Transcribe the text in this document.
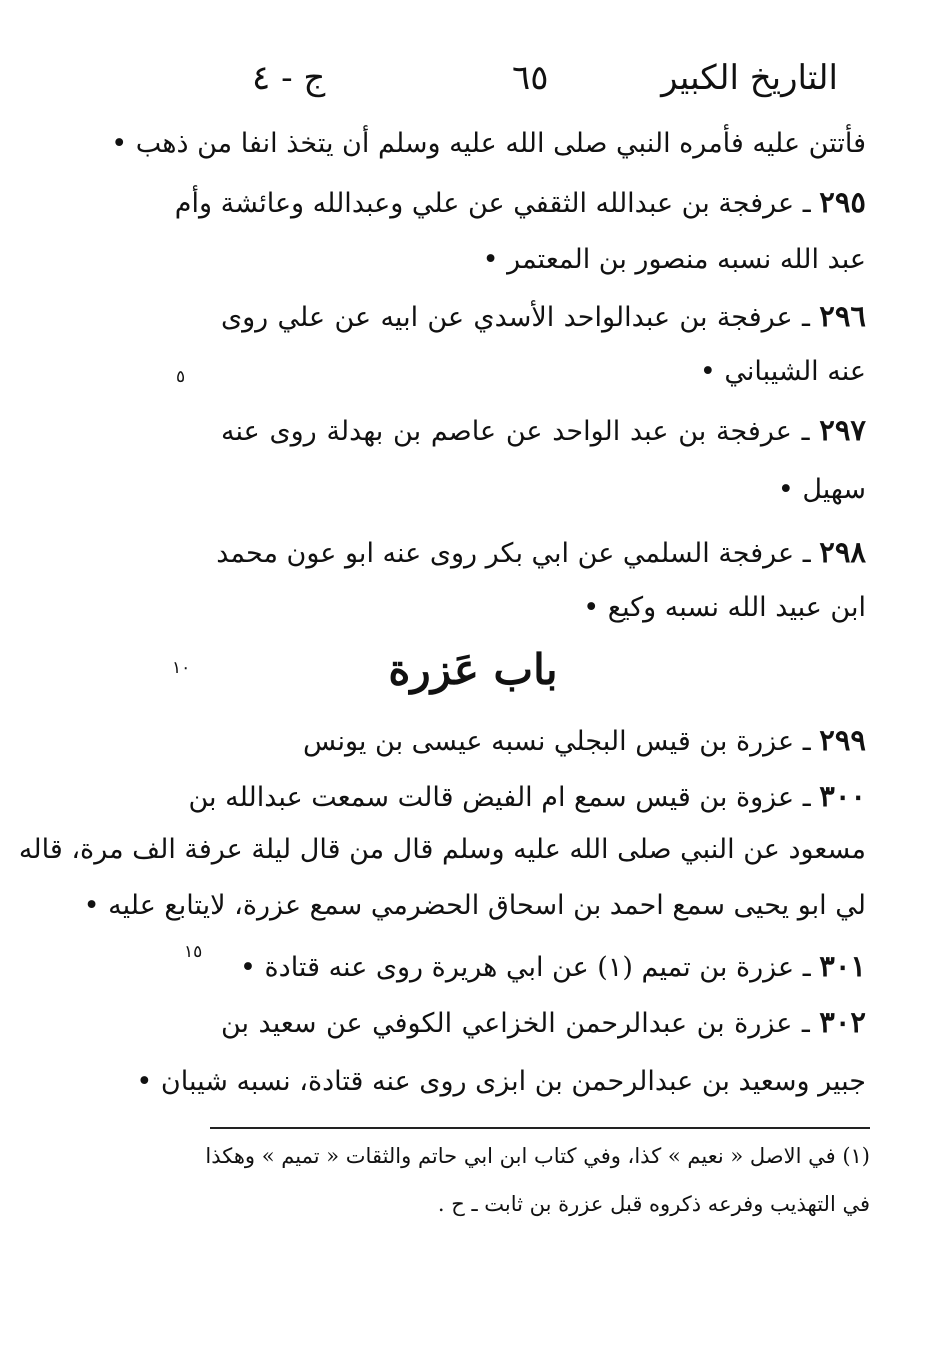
التاريخ الكبير
٦٥
ج - ٤
فأتتن عليه فأمره النبي صلى الله عليه وسلم أن يتخذ انفا من ذهب •
٢٩٥ ـ عرفجة بن عبدالله الثقفي عن علي وعبدالله وعائشة وأم
عبد الله نسبه منصور بن المعتمر •
٢٩٦ ـ عرفجة بن عبدالواحد الأسدي عن ابيه عن علي روى
عنه الشيباني •
٢٩٧ ـ عرفجة بن عبد الواحد عن عاصم بن بهدلة روى عنه
سهيل •
٢٩٨ ـ عرفجة السلمي عن ابي بكر روى عنه ابو عون محمد
ابن عبيد الله نسبه وكيع •
باب عَزرة
٢٩٩ ـ عزرة بن قيس البجلي نسبه عيسى بن يونس
٣٠٠ ـ عزوة بن قيس سمع ام الفيض قالت سمعت عبدالله بن
مسعود عن النبي صلى الله عليه وسلم قال من قال ليلة عرفة الف مرة، قاله
لي ابو يحيى سمع احمد بن اسحاق الحضرمي سمع عزرة، لايتابع عليه •
٣٠١ ـ عزرة بن تميم (١) عن ابي هريرة روى عنه قتادة •
٣٠٢ ـ عزرة بن عبدالرحمن الخزاعي الكوفي عن سعيد بن
جبير وسعيد بن عبدالرحمن بن ابزى روى عنه قتادة، نسبه شيبان •
٥
١٠
١٥
(١) في الاصل « نعيم » كذا، وفي كتاب ابن ابي حاتم والثقات « تميم » وهكذا
في التهذيب وفرعه ذكروه قبل عزرة بن ثابت ـ ح .
